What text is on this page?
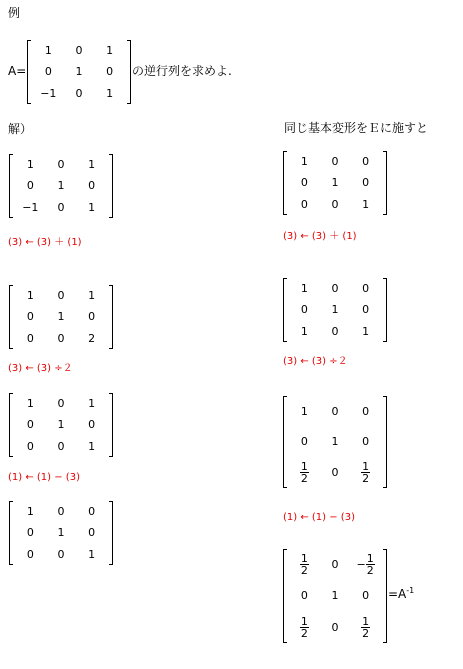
例
A=
1	0	1
0	1	0
−1	0	1
の逆行列を求めよ.
解）	同じ基本変形をＥに施すと
1	0	1
0	1	0
−1	0	1
(3) ← (3) ＋ (1)
1	0	1
0	1	0
0	0	2
(3) ← (3) ÷２
1	0	1
0	1	0
0	0	1
(1) ← (1) − (3)
1	0	0
0	1	0
0	0	1
1	0	0
0	1	0
0	0	1
(3) ← (3) ＋ (1)
1	0	0
0	1	0
1	0	1
(3) ← (3) ÷２
1	0	0
0	1	0
$\frac{1}{2}$	0	$\frac{1}{2}$
(1) ← (1) − (3)
$\frac{1}{2}$	0	− $\frac{1}{2}$
0	1	0
$\frac{1}{2}$	0	$\frac{1}{2}$
$=A^{-1}$
